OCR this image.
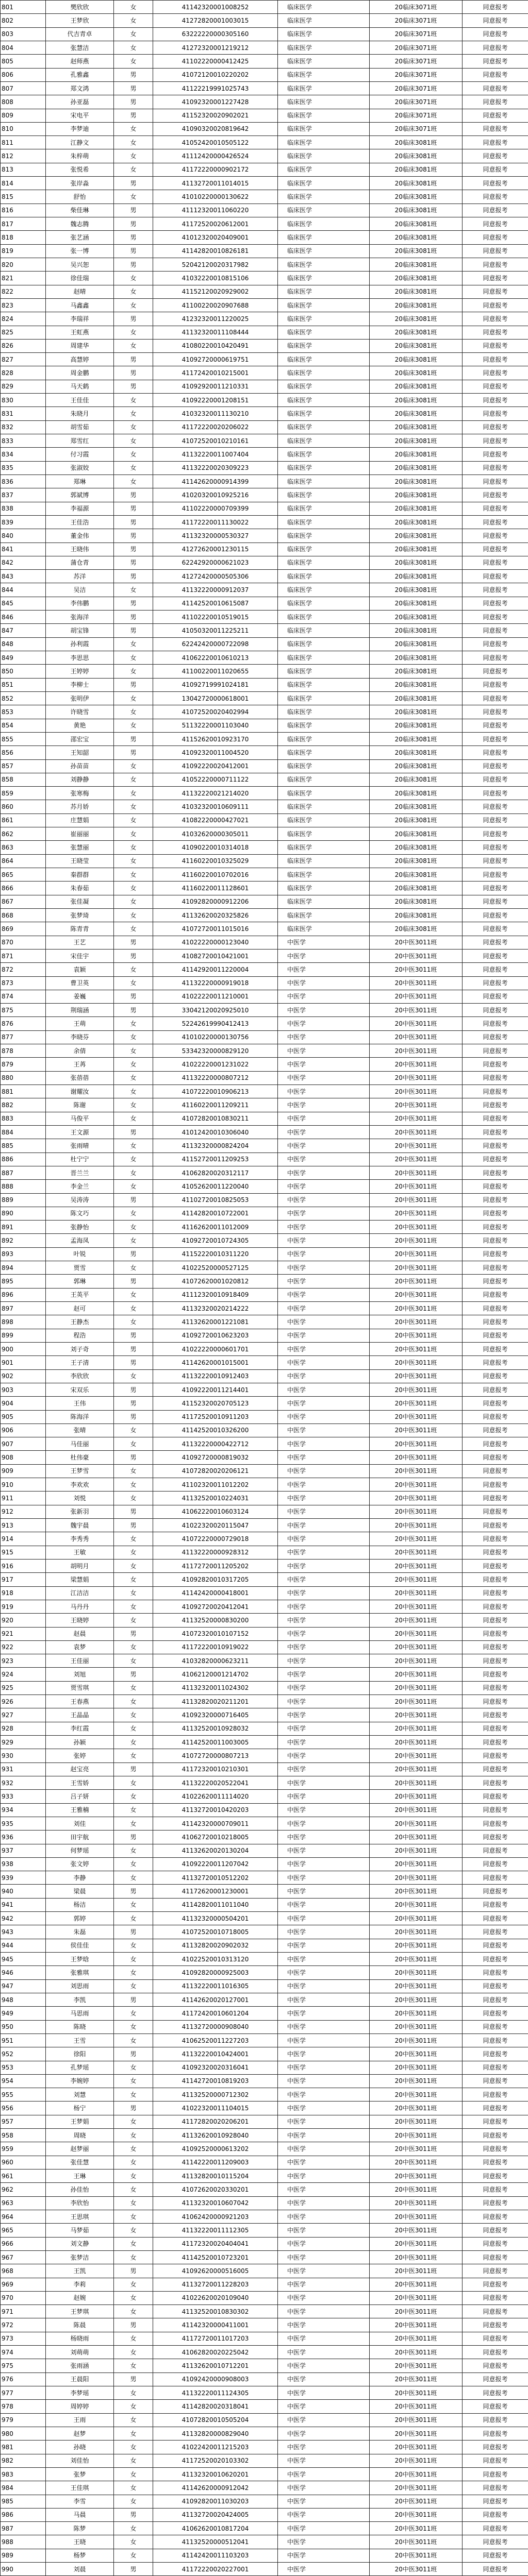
801	樊欣欣	女	41142320001008252	临床医学	20临床3071班	同意报考
802	王梦欣	女	41272820001003015	临床医学	20临床3071班	同意报考
803	代吉青卓	女	63222220000305160	临床医学	20临床3071班	同意报考
804	张慧洁	女	41272320001219212	临床医学	20临床3071班	同意报考
805	赵师燕	女	41102220000412425	临床医学	20临床3071班	同意报考
806	孔雅鑫	男	41072120010220202	临床医学	20临床3071班	同意报考
807	郑文鸿	男	41122219991025743	临床医学	20临床3071班	同意报考
808	孙亚磊	男	41092320001227428	临床医学	20临床3071班	同意报考
809	宋电平	男	41152320020902021	临床医学	20临床3071班	同意报考
810	李梦迪	女	41090320020819642	临床医学	20临床3071班	同意报考
811	江静文	女	41052420010505122	临床医学	20临床3081班	同意报考
812	朱梓萌	女	41112420000426524	临床医学	20临床3081班	同意报考
813	张悦希	女	41172220000902172	临床医学	20临床3081班	同意报考
814	张岸淼	男	41132720011014015	临床医学	20临床3081班	同意报考
815	舒怡	女	41010220000130622	临床医学	20临床3081班	同意报考
816	柴佳琳	男	41112320011060220	临床医学	20临床3081班	同意报考
817	魏志腾	男	41172520020612001	临床医学	20临床3081班	同意报考
818	张艺涵	男	41012320020409001	临床医学	20临床3081班	同意报考
819	张一博	男	41142820010826181	临床医学	20临床3081班	同意报考
820	吴兴恕	男	52042120020317982	临床医学	20临床3081班	同意报考
821	徐佳瑞	女	41032220010815106	临床医学	20临床3081班	同意报考
822	赵晴	女	41152120020929002	临床医学	20临床3081班	同意报考
823	马鑫鑫	女	41100220020907688	临床医学	20临床3081班	同意报考
824	李瑞祥	男	41232320011220025	临床医学	20临床3081班	同意报考
825	王虹燕	女	41132320011108444	临床医学	20临床3081班	同意报考
826	周建华	女	41080220010420491	临床医学	20临床3081班	同意报考
827	高慧婷	男	41092720000619751	临床医学	20临床3081班	同意报考
828	周金鹏	男	41172420010215001	临床医学	20临床3081班	同意报考
829	马天鹤	男	41092920011210331	临床医学	20临床3081班	同意报考
830	王佳佳	女	41092220001208151	临床医学	20临床3081班	同意报考
831	朱晓月	女	41032320011130210	临床医学	20临床3081班	同意报考
832	胡雪茹	女	41172220020206022	临床医学	20临床3081班	同意报考
833	郑雪红	女	41072520010210161	临床医学	20临床3081班	同意报考
834	付习霞	女	41132220011007404	临床医学	20临床3081班	同意报考
835	张淑姣	女	41132220020309223	临床医学	20临床3081班	同意报考
836	郑琳	女	41142620000914399	临床医学	20临床3081班	同意报考
837	郭斌博	男	41020320010925216	临床医学	20临床3081班	同意报考
838	李福源	男	41102220000709399	临床医学	20临床3081班	同意报考
839	王佳浩	男	41172220011130022	临床医学	20临床3081班	同意报考
840	董金伟	男	41132320000530327	临床医学	20临床3081班	同意报考
841	王晓伟	男	41272620001230115	临床医学	20临床3081班	同意报考
842	蒲仓青	男	62242920000621023	临床医学	20临床3081班	同意报考
843	苏洋	男	41272420000505306	临床医学	20临床3081班	同意报考
844	吴洁	女	41132220000912037	临床医学	20临床3081班	同意报考
845	李伟鹏	男	41142520010615087	临床医学	20临床3081班	同意报考
846	张海洋	男	41102220010519015	临床医学	20临床3081班	同意报考
847	胡宝锋	男	41050320011225211	临床医学	20临床3081班	同意报考
848	孙利霞	女	62242420000722098	临床医学	20临床3081班	同意报考
849	李思思	女	41062220010610213	临床医学	20临床3081班	同意报考
850	王婷婷	女	41100220011020655	临床医学	20临床3081班	同意报考
851	李柳士	男	41092719991024181	临床医学	20临床3081班	同意报考
852	张明伊	女	13042720000618001	临床医学	20临床3081班	同意报考
853	许晓雪	女	41072520020402994	临床医学	20临床3081班	同意报考
854	黄艳	女	51132220001103040	临床医学	20临床3081班	同意报考
855	邵宏宝	男	41152620010923170	临床医学	20临床3081班	同意报考
856	王知韶	男	41092320011004520	临床医学	20临床3081班	同意报考
857	孙苗苗	女	41092220020412001	临床医学	20临床3081班	同意报考
858	刘静静	女	41052220000711122	临床医学	20临床3081班	同意报考
859	张寒梅	女	41132220021214020	临床医学	20临床3081班	同意报考
860	苏月娇	女	41032320010609111	临床医学	20临床3081班	同意报考
861	庄慧娟	女	41082220000427021	临床医学	20临床3081班	同意报考
862	崔丽丽	女	41032620000305011	临床医学	20临床3081班	同意报考
863	张慧丽	女	41090220010314018	临床医学	20临床3081班	同意报考
864	王晓莹	女	41160220010325029	临床医学	20临床3081班	同意报考
865	秦群群	女	41160220010702016	临床医学	20临床3081班	同意报考
866	朱春茹	女	41160220011128601	临床医学	20临床3081班	同意报考
867	张佳凝	女	41092820000912206	临床医学	20临床3081班	同意报考
868	张梦琦	女	41132620020325826	临床医学	20临床3081班	同意报考
869	陈青青	女	41072720011015016	临床医学	20临床3081班	同意报考
870	王艺	男	41022220000123040	中医学	20中医3011班	同意报考
871	宋佳宇	男	41082720010421001	中医学	20中医3011班	同意报考
872	袁颖	女	41142920011220004	中医学	20中医3011班	同意报考
873	曹卫英	女	41132220000919018	中医学	20中医3011班	同意报考
874	姜巍	男	41022220011210001	中医学	20中医3011班	同意报考
875	荆瑞涵	男	33042120020925010	中医学	20中医3011班	同意报考
876	王萌	女	52242619990412413	中医学	20中医3011班	同意报考
877	李晓芬	女	41010220000130756	中医学	20中医3011班	同意报考
878	余倩	女	53342320000829120	中医学	20中医3011班	同意报考
879	王苒	女	41022220001231022	中医学	20中医3011班	同意报考
880	张蓓蓓	女	41132220000807212	中医学	20中医3011班	同意报考
881	谢耀汝	女	41072220010906213	中医学	20中医3011班	同意报考
882	陈谢	女	41160220011209211	中医学	20中医3011班	同意报考
883	马俊平	女	41072820010830211	中医学	20中医3011班	同意报考
884	王文源	男	41012420010306040	中医学	20中医3011班	同意报考
885	张雨晴	女	41132320000824204	中医学	20中医3011班	同意报考
886	杜宁宁	女	41152720011209253	中医学	20中医3011班	同意报考
887	晋兰兰	女	41062820020312117	中医学	20中医3011班	同意报考
888	李金兰	女	41052620011220040	中医学	20中医3011班	同意报考
889	吴涛涛	男	41102720010825053	中医学	20中医3011班	同意报考
890	陈文巧	女	41142820010722001	中医学	20中医3011班	同意报考
891	张静怡	女	41162620011012009	中医学	20中医3011班	同意报考
892	孟海凤	女	41092720010724305	中医学	20中医3011班	同意报考
893	叶锐	男	41152220010311220	中医学	20中医3011班	同意报考
894	贾雪	女	41022520000527125	中医学	20中医3011班	同意报考
895	郭琳	男	41072620001020812	中医学	20中医3011班	同意报考
896	王英平	女	41112320010918409	中医学	20中医3011班	同意报考
897	赵可	女	41132320020214222	中医学	20中医3011班	同意报考
898	王静杰	女	41132620001221081	中医学	20中医3011班	同意报考
899	程浩	男	41092720010623203	中医学	20中医3011班	同意报考
900	刘子奇	男	41022220000601701	中医学	20中医3011班	同意报考
901	王子清	男	41142620001015001	中医学	20中医3011班	同意报考
902	李欣欣	女	41132220010912403	中医学	20中医3011班	同意报考
903	宋双乐	男	41092220011214401	中医学	20中医3011班	同意报考
904	王伟	男	41152320020705123	中医学	20中医3011班	同意报考
905	陈海洋	男	41172520010911203	中医学	20中医3011班	同意报考
906	张晴	女	41142520010326200	中医学	20中医3011班	同意报考
907	马佳丽	女	41132220000422712	中医学	20中医3011班	同意报考
908	杜伟豪	男	41092720000819032	中医学	20中医3011班	同意报考
909	王梦雪	女	41072820020206121	中医学	20中医3011班	同意报考
910	李欢欢	女	41102320011012202	中医学	20中医3011班	同意报考
911	刘悦	女	41132520010224031	中医学	20中医3011班	同意报考
912	张新羽	男	41062220010603124	中医学	20中医3011班	同意报考
913	魏宇晨	男	41022320020115047	中医学	20中医3011班	同意报考
914	李秀秀	女	41072220000729018	中医学	20中医3011班	同意报考
915	王敏	女	41132220000928312	中医学	20中医3011班	同意报考
916	胡明月	女	41172720011205202	中医学	20中医3011班	同意报考
917	梁慧娟	女	41092820010317205	中医学	20中医3011班	同意报考
918	江洁洁	女	41142420000418001	中医学	20中医3011班	同意报考
919	马丹丹	女	41092720020412041	中医学	20中医3011班	同意报考
920	王晓婷	女	41132520000830200	中医学	20中医3011班	同意报考
921	赵晨	男	41072320010107152	中医学	20中医3011班	同意报考
922	袁梦	女	41172220010919022	中医学	20中医3011班	同意报考
923	王佳丽	女	41032820000623211	中医学	20中医3011班	同意报考
924	刘旭	男	41062120001214702	中医学	20中医3011班	同意报考
925	贾雪琪	女	41132320011024302	中医学	20中医3011班	同意报考
926	王春燕	女	41132820020211201	中医学	20中医3011班	同意报考
927	王晶晶	女	41092320000716405	中医学	20中医3011班	同意报考
928	李红霞	女	41132520010928032	中医学	20中医3011班	同意报考
929	孙颖	女	41142520011003005	中医学	20中医3011班	同意报考
930	张婷	女	41072720000807213	中医学	20中医3011班	同意报考
931	赵宝亮	男	41172320010210301	中医学	20中医3011班	同意报考
932	王雪娇	女	41132220020522041	中医学	20中医3011班	同意报考
933	吕子妍	女	41022620011114020	中医学	20中医3011班	同意报考
934	王雅楠	女	41132720010420203	中医学	20中医3011班	同意报考
935	刘佳	女	41142320000709011	中医学	20中医3011班	同意报考
936	田宇航	男	41062720010218005	中医学	20中医3011班	同意报考
937	何梦瑶	女	41132620020130204	中医学	20中医3011班	同意报考
938	张文婷	女	41092220011207042	中医学	20中医3011班	同意报考
939	李静	女	41132720010512202	中医学	20中医3011班	同意报考
940	梁晨	男	41172620001230001	中医学	20中医3011班	同意报考
941	杨洁	女	41142820011011040	中医学	20中医3011班	同意报考
942	郭婷	女	41132320000504201	中医学	20中医3011班	同意报考
943	朱磊	男	41072520010718005	中医学	20中医3011班	同意报考
944	侯佳佳	女	41132820020902032	中医学	20中医3011班	同意报考
945	王梦晗	女	41022520010313120	中医学	20中医3011班	同意报考
946	张雅琪	女	41092820000925003	中医学	20中医3011班	同意报考
947	刘思雨	女	41132220011016305	中医学	20中医3011班	同意报考
948	李凯	男	41142620020127001	中医学	20中医3011班	同意报考
949	马思雨	女	41172420010601204	中医学	20中医3011班	同意报考
950	陈晓	女	41132720000908040	中医学	20中医3011班	同意报考
951	王雪	女	41062520011227203	中医学	20中医3011班	同意报考
952	徐阳	男	41132220010424001	中医学	20中医3011班	同意报考
953	孔梦瑶	女	41092320020316041	中医学	20中医3011班	同意报考
954	李婉婷	女	41142720010819203	中医学	20中医3011班	同意报考
955	刘慧	女	41132520000712302	中医学	20中医3011班	同意报考
956	杨宁	男	41022320011104015	中医学	20中医3011班	同意报考
957	王梦娟	女	41172820020206201	中医学	20中医3011班	同意报考
958	周晓	女	41132620010928040	中医学	20中医3011班	同意报考
959	赵梦丽	女	41092520000613202	中医学	20中医3011班	同意报考
960	张佳慧	女	41142220011209003	中医学	20中医3011班	同意报考
961	王琳	女	41132820010115204	中医学	20中医3011班	同意报考
962	孙佳怡	女	41072620020330201	中医学	20中医3011班	同意报考
963	李欣怡	女	41132320010607042	中医学	20中医3011班	同意报考
964	王思琪	女	41062420000921203	中医学	20中医3011班	同意报考
965	马梦茹	女	41132220011112305	中医学	20中医3011班	同意报考
966	刘文静	女	41172320020404041	中医学	20中医3011班	同意报考
967	张梦洁	女	41142520010723201	中医学	20中医3011班	同意报考
968	王凯	男	41092620000516005	中医学	20中医3011班	同意报考
969	李莉	女	41132720011228203	中医学	20中医3011班	同意报考
970	赵婉	女	41022620020109040	中医学	20中医3011班	同意报考
971	王梦琪	女	41132520010830302	中医学	20中医3011班	同意报考
972	陈晨	男	41142320000411001	中医学	20中医3011班	同意报考
973	杨晓雨	女	41172720011017203	中医学	20中医3011班	同意报考
974	刘萌萌	女	41062820020225042	中医学	20中医3011班	同意报考
975	张雨涵	女	41132620010712201	中医学	20中医3011班	同意报考
976	王晨阳	男	41092420000908003	中医学	20中医3011班	同意报考
977	李梦瑶	女	41132220011124305	中医学	20中医3011班	同意报考
978	周婷婷	女	41142820020318041	中医学	20中医3011班	同意报考
979	王雨	女	41072820010505204	中医学	20中医3011班	同意报考
980	赵梦	女	41132820000829040	中医学	20中医3011班	同意报考
981	孙晓	女	41022420011215203	中医学	20中医3011班	同意报考
982	刘佳怡	女	41172520020103302	中医学	20中医3011班	同意报考
983	张梦	女	41132320010620201	中医学	20中医3011班	同意报考
984	王佳琪	女	41142620000912042	中医学	20中医3011班	同意报考
985	李雪	女	41092820011030203	中医学	20中医3011班	同意报考
986	马晨	男	41132720020424005	中医学	20中医3011班	同意报考
987	陈梦	女	41062620010817204	中医学	20中医3011班	同意报考
988	王晓	女	41132520000512041	中医学	20中医3011班	同意报考
989	杨梦	女	41142420011103203	中医学	20中医3011班	同意报考
990	刘晨	男	41172220020227001	中医学	20中医3011班	同意报考
